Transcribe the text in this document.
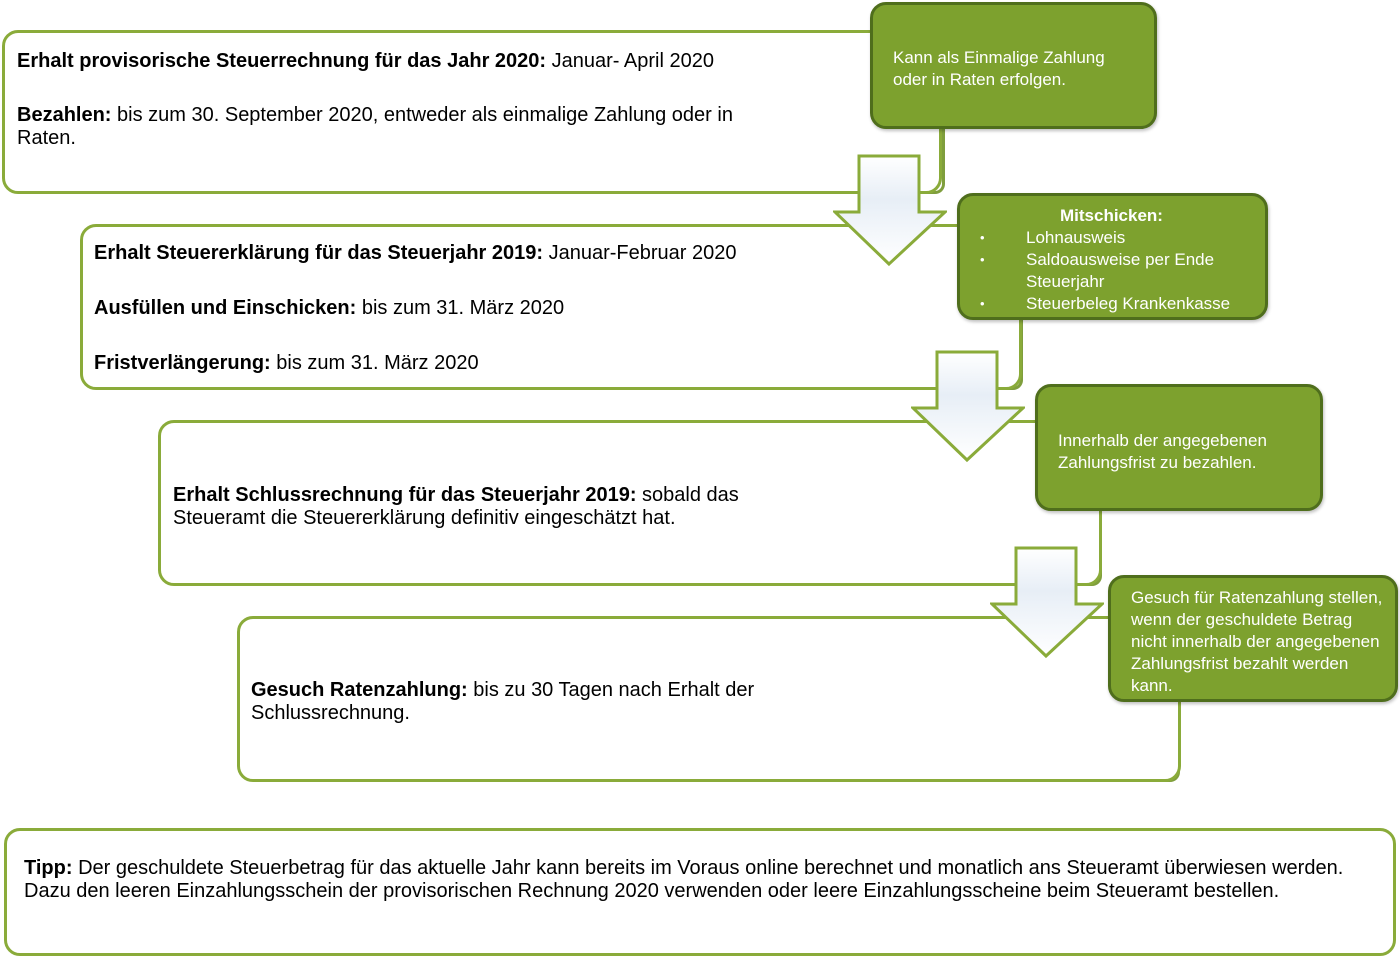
Erhalt provisorische Steuerrechnung für das Jahr 2020: Januar- April 2020

Bezahlen: bis zum 30. September 2020, entweder als einmalige Zahlung oder in Raten.

Erhalt Steuererklärung für das Steuerjahr 2019: Januar-Februar 2020

Ausfüllen und Einschicken: bis zum 31. März 2020

Fristverlängerung: bis zum 31. März 2020

Erhalt Schlussrechnung für das Steuerjahr 2019: sobald das Steueramt die Steuererklärung definitiv eingeschätzt hat.

Gesuch Ratenzahlung: bis zu 30 Tagen nach Erhalt der Schlussrechnung.

Kann als Einmalige Zahlung oder in Raten erfolgen.

Mitschicken:
• Lohnausweis
• Saldoausweise per Ende Steuerjahr
• Steuerbeleg Krankenkasse

Innerhalb der angegebenen Zahlungsfrist zu bezahlen.

Gesuch für Ratenzahlung stellen, wenn der geschuldete Betrag nicht innerhalb der angegebenen Zahlungsfrist bezahlt werden kann.

Tipp: Der geschuldete Steuerbetrag für das aktuelle Jahr kann bereits im Voraus online berechnet und monatlich ans Steueramt überwiesen werden. Dazu den leeren Einzahlungsschein der provisorischen Rechnung 2020 verwenden oder leere Einzahlungsscheine beim Steueramt bestellen.
